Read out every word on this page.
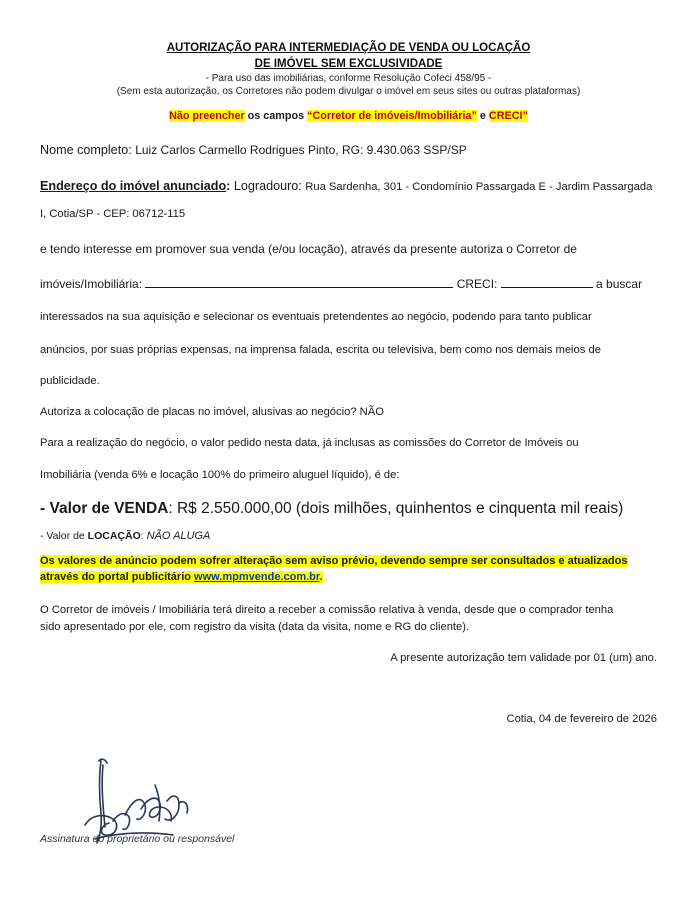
AUTORIZAÇÃO PARA INTERMEDIAÇÃO DE VENDA OU LOCAÇÃO
DE IMÓVEL SEM EXCLUSIVIDADE
- Para uso das imobiliárias, conforme Resolução Cofeci 458/95 -
(Sem esta autorização, os Corretores não podem divulgar o imóvel em seus sites ou outras plataformas)
Não preencher os campos “Corretor de imóveis/Imobiliária” e CRECI”
Nome completo: Luiz Carlos Carmello Rodrigues Pinto, RG: 9.430.063 SSP/SP
Endereço do imóvel anunciado: Logradouro: Rua Sardenha, 301 - Condomínio Passargada E - Jardim Passargada
I, Cotia/SP - CEP: 06712-115
e tendo interesse em promover sua venda (e/ou locação), através da presente autoriza o Corretor de
imóveis/Imobiliária:	CRECI:	a buscar
interessados na sua aquisição e selecionar os eventuais pretendentes ao negócio, podendo para tanto publicar
anúncios, por suas próprias expensas, na imprensa falada, escrita ou televisiva, bem como nos demais meios de
publicidade.
Autoriza a colocação de placas no imóvel, alusivas ao negócio? NÃO
Para a realização do negócio, o valor pedido nesta data, já inclusas as comissões do Corretor de Imóveis ou
Imobiliária (venda 6% e locação 100% do primeiro aluguel líquido), é de:
- Valor de VENDA: R$ 2.550.000,00 (dois milhões, quinhentos e cinquenta mil reais)
- Valor de LOCAÇÃO: NÃO ALUGA
Os valores de anúncio podem sofrer alteração sem aviso prévio, devendo sempre ser consultados e atualizados
através do portal publicitário www.mpmvende.com.br.
O Corretor de imóveis / Imobiliária terá direito a receber a comissão relativa à venda, desde que o comprador tenha
sido apresentado por ele, com registro da visita (data da visita, nome e RG do cliente).
A presente autorização tem validade por 01 (um) ano.
Cotia, 04 de fevereiro de 2026
Assinatura do proprietário ou responsável
